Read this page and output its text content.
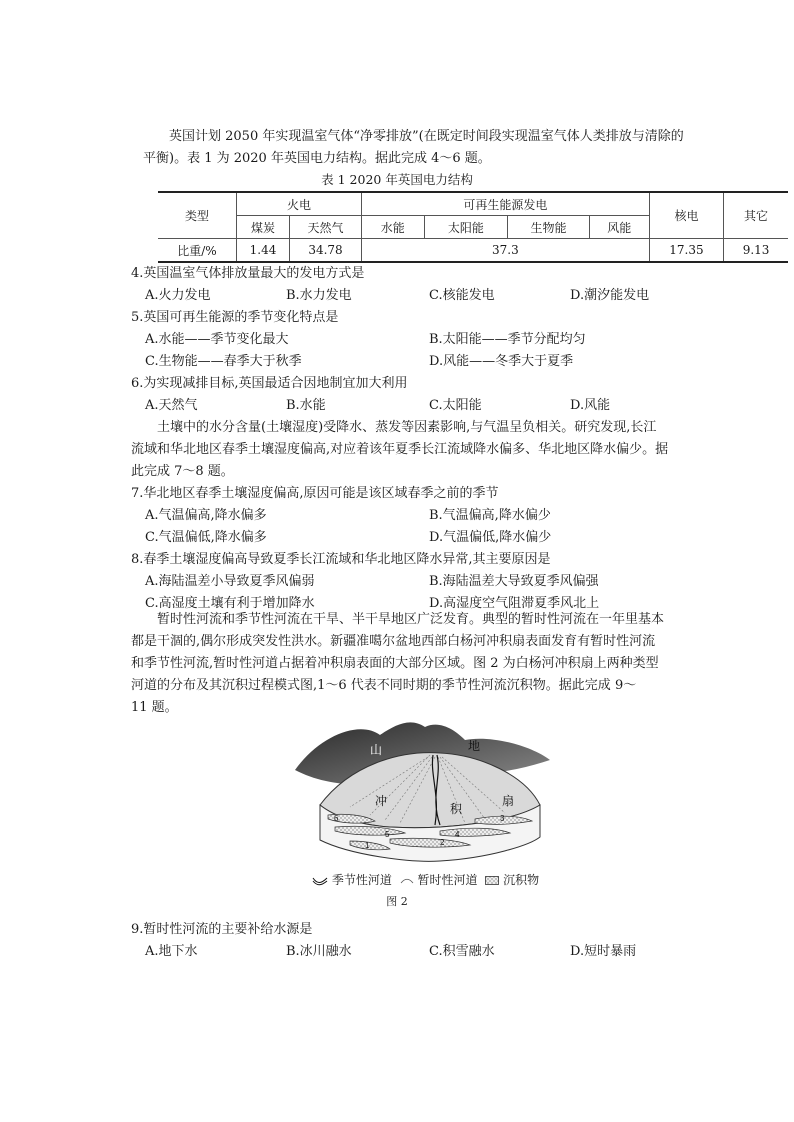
英国计划 2050 年实现温室气体“净零排放”(在既定时间段实现温室气体人类排放与清除的
平衡)。表 1 为 2020 年英国电力结构。据此完成 4～6 题。
表 1 2020 年英国电力结构
类型	火电		可再生能源发电				核电	其它
	煤炭	天然气	水能	太阳能	生物能	风能		
比重/%	1.44	34.78	37.3				17.35	9.13
4.英国温室气体排放量最大的发电方式是
A.火力发电	B.水力发电	C.核能发电	D.潮汐能发电
5.英国可再生能源的季节变化特点是
A.水能——季节变化最大	B.太阳能——季节分配均匀
C.生物能——春季大于秋季	D.风能——冬季大于夏季
6.为实现减排目标,英国最适合因地制宜加大利用
A.天然气	B.水能	C.太阳能	D.风能
土壤中的水分含量(土壤湿度)受降水、蒸发等因素影响,与气温呈负相关。研究发现,长江
流域和华北地区春季土壤湿度偏高,对应着该年夏季长江流域降水偏多、华北地区降水偏少。据
此完成 7～8 题。
7.华北地区春季土壤湿度偏高,原因可能是该区域春季之前的季节
A.气温偏高,降水偏多	B.气温偏高,降水偏少
C.气温偏低,降水偏多	D.气温偏低,降水偏少
8.春季土壤湿度偏高导致夏季长江流域和华北地区降水异常,其主要原因是
A.海陆温差小导致夏季风偏弱	B.海陆温差大导致夏季风偏强
C.高湿度土壤有利于增加降水	D.高湿度空气阻滞夏季风北上
暂时性河流和季节性河流在干旱、半干旱地区广泛发育。典型的暂时性河流在一年里基本
都是干涸的,偶尔形成突发性洪水。新疆准噶尔盆地西部白杨河冲积扇表面发育有暂时性河流
和季节性河流,暂时性河道占据着冲积扇表面的大部分区域。图 2 为白杨河冲积扇上两种类型
河道的分布及其沉积过程模式图,1～6 代表不同时期的季节性河流沉积物。据此完成 9～
11 题。
6
4
2
5
1
3
山	地
冲
积
扇
季节性河道 暂时性河道 沉积物
图 2
9.暂时性河流的主要补给水源是
A.地下水	B.冰川融水	C.积雪融水	D.短时暴雨
